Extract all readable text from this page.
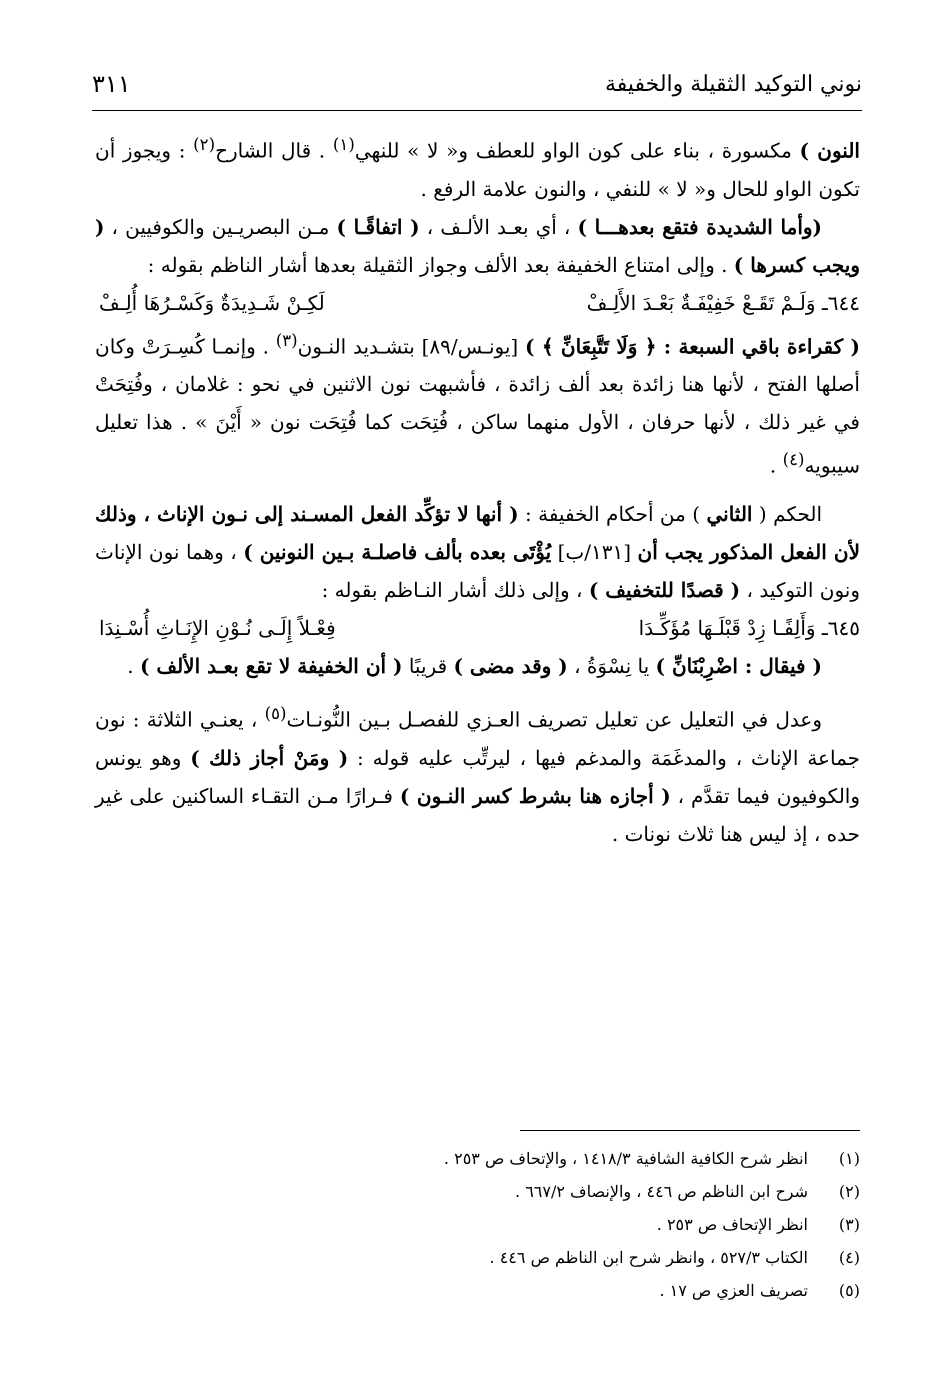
نوني التوكيد الثقيلة والخفيفة
٣١١

النون ) مكسورة ، بناء على كون الواو للعطف و« لا » للنهي$^{(١)}$ . قال الشارح$^{(٢)}$ : ويجوز أن تكون الواو للحال و« لا » للنفي ، والنون علامة الرفع .

(وأما الشديدة فتقع بعدهـــا ) ، أي بعـد الألـف ، ( اتفاقًـا ) مـن البصريـين والكوفيين ، ( ويجب كسرها ) . وإلى امتناع الخفيفة بعد الألف وجواز الثقيلة بعدها أشار الناظم بقوله :

٦٤٤ـ وَلَـمْ تَقَـعْ خَفِيْفَـةٌ بَعْـدَ الأَلِـفْ
لَكِـنْ شَـدِيدَةٌ وَكَسْـرُهَا أُلِـفْ

( كقراءة باقي السبعة : ﴿ وَلَا تَتَّبِعَانِّ ﴾ ) [يونـس/٨٩] بتشـديد النـون$^{(٣)}$ . وإنمـا كُسِـرَتْ وكان أصلها الفتح ، لأنها هنا زائدة بعد ألف زائدة ، فأشبهت نون الاثنين في نحو : غلامان ، وفُتِحَتْ في غير ذلك ، لأنها حرفان ، الأول منهما ساكن ، فُتِحَت كما فُتِحَت نون « أَيْنَ » . هذا تعليل سيبويه$^{(٤)}$ .

الحكم ( الثاني ) من أحكام الخفيفة : ( أنها لا تؤكِّد الفعل المسـند إلى نـون الإناث ، وذلك لأن الفعل المذكور يجب أن [١٣١/ب] يُؤْتَى بعده بألف فاصلـة بـين النونين ) ، وهما نون الإناث ونون التوكيد ، ( قصدًا للتخفيف ) ، وإلى ذلك أشار النـاظم بقوله :

٦٤٥ـ وَأَلِفًـا زِدْ قَبْلَـهَا مُؤَكِّـدَا
فِعْـلاً إِلَـى نُـوْنِ الإِنَـاثِ أُسْـنِدَا

( فيقال : اضْرِبْنَانِّ ) يا نِسْوَةُ ، ( وقد مضى ) قريبًا ( أن الخفيفة لا تقع بعـد الألف ) .

وعدل في التعليل عن تعليل تصريف العـزي للفصـل بـين النُّونـات$^{(٥)}$ ، يعنـي الثلاثة : نون جماعة الإناث ، والمدغَمَة والمدغم فيها ، ليرتِّب عليه قوله : ( ومَنْ أجاز ذلك ) وهو يونس والكوفيون فيما تقدَّم ، ( أجازه هنا بشرط كسر النـون ) فـرارًا مـن التقـاء الساكنين على غير حده ، إذ ليس هنا ثلاث نونات .

(١)
انظر شرح الكافية الشافية ١٤١٨/٣ ، والإتحاف ص ٢٥٣ .
(٢)
شرح ابن الناظم ص ٤٤٦ ، والإنصاف ٦٦٧/٢ .
(٣)
انظر الإتحاف ص ٢٥٣ .
(٤)
الكتاب ٥٢٧/٣ ، وانظر شرح ابن الناظم ص ٤٤٦ .
(٥)
تصريف العزي ص ١٧ .
